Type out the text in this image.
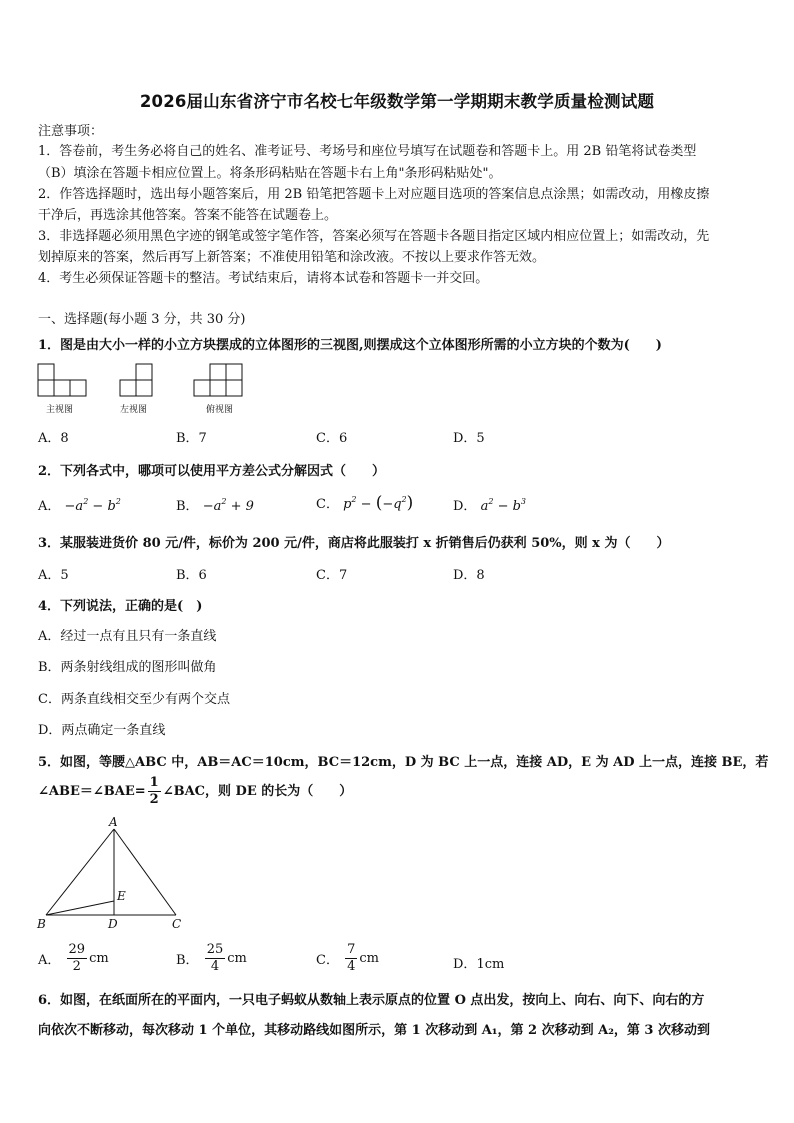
2026届山东省济宁市名校七年级数学第一学期期末教学质量检测试题
注意事项：
1．答卷前，考生务必将自己的姓名、准考证号、考场号和座位号填写在试题卷和答题卡上。用 2B 铅笔将试卷类型
（B）填涂在答题卡相应位置上。将条形码粘贴在答题卡右上角"条形码粘贴处"。
2．作答选择题时，选出每小题答案后，用 2B 铅笔把答题卡上对应题目选项的答案信息点涂黑；如需改动，用橡皮擦
干净后，再选涂其他答案。答案不能答在试题卷上。
3．非选择题必须用黑色字迹的钢笔或签字笔作答，答案必须写在答题卡各题目指定区域内相应位置上；如需改动，先
划掉原来的答案，然后再写上新答案；不准使用铅笔和涂改液。不按以上要求作答无效。
4．考生必须保证答题卡的整洁。考试结束后，请将本试卷和答题卡一并交回。
一、选择题(每小题 3 分，共 30 分)
1．图是由大小一样的小立方块摆成的立体图形的三视图,则摆成这个立体图形所需的小立方块的个数为(　　)
主视图	左视图	俯视图
A．8	B．7	C．6	D．5
2．下列各式中，哪项可以使用平方差公式分解因式（　　）
A． $-a^2 - b^2$	B． $-a^2 + 9$	C． $p^2 - (-q^2)$	D． $a^2 - b^3$
3．某服装进货价 80 元/件，标价为 200 元/件，商店将此服装打 x 折销售后仍获利 50%，则 x 为（　　）
A．5	B．6	C．7	D．8
4．下列说法，正确的是(　)
A．经过一点有且只有一条直线
B．两条射线组成的图形叫做角
C．两条直线相交至少有两个交点
D．两点确定一条直线
5．如图，等腰△ABC 中，AB＝AC＝10cm，BC＝12cm，D 为 BC 上一点，连接 AD，E 为 AD 上一点，连接 BE，若
∠ABE＝∠BAE= $\frac{1}{2}$ ∠BAC，则 DE 的长为（　　）
A
B	C
D
E
A． $\frac{29}{2}$ cm	B． $\frac{25}{4}$ cm	C． $\frac{7}{4}$ cm	D．1cm
6．如图，在纸面所在的平面内，一只电子蚂蚁从数轴上表示原点的位置 O 点出发，按向上、向右、向下、向右的方
向依次不断移动，每次移动 1 个单位，其移动路线如图所示，第 1 次移动到 A₁，第 2 次移动到 A₂，第 3 次移动到
